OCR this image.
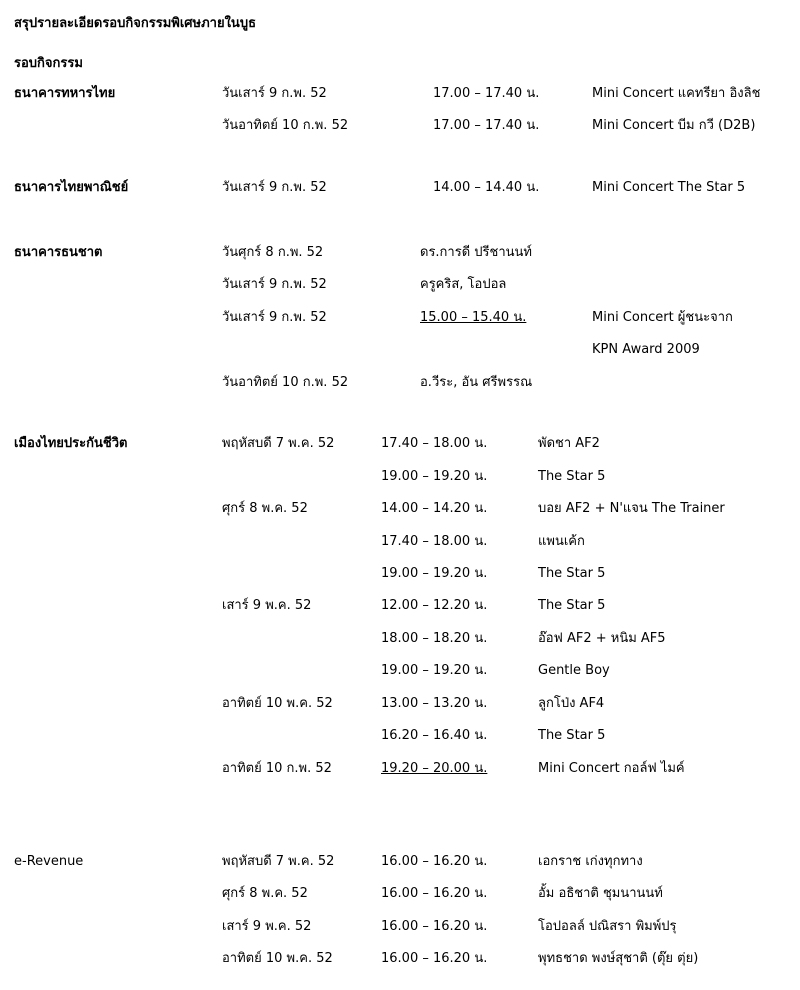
สรุปรายละเอียดรอบกิจกรรมพิเศษภายในบูธ
รอบกิจกรรม
ธนาคารทหารไทย	วันเสาร์ 9 ก.พ. 52	17.00 – 17.40 น.	Mini Concert แคทรียา อิงลิช
วันอาทิตย์ 10 ก.พ. 52	17.00 – 17.40 น.	Mini Concert บีม กวี (D2B)
ธนาคารไทยพาณิชย์	วันเสาร์ 9 ก.พ. 52	14.00 – 14.40 น.	Mini Concert The Star 5
ธนาคารธนชาต	วันศุกร์ 8 ก.พ. 52	ดร.การดี ปรีชานนท์
วันเสาร์ 9 ก.พ. 52	ครูคริส, โอปอล
วันเสาร์ 9 ก.พ. 52	15.00 – 15.40 น.	Mini Concert ผู้ชนะจาก
KPN Award 2009
วันอาทิตย์ 10 ก.พ. 52	อ.วีระ, อัน ศรีพรรณ
เมืองไทยประกันชีวิต	พฤหัสบดี 7 พ.ค. 52	17.40 – 18.00 น.	พัดชา AF2
19.00 – 19.20 น.	The Star 5
ศุกร์ 8 พ.ค. 52	14.00 – 14.20 น.	บอย AF2 + N'แจน The Trainer
17.40 – 18.00 น.	แพนเค้ก
19.00 – 19.20 น.	The Star 5
เสาร์ 9 พ.ค. 52	12.00 – 12.20 น.	The Star 5
18.00 – 18.20 น.	อ๊อฟ AF2 + หนิม AF5
19.00 – 19.20 น.	Gentle Boy
อาทิตย์ 10 พ.ค. 52	13.00 – 13.20 น.	ลูกโป่ง AF4
16.20 – 16.40 น.	The Star 5
อาทิตย์ 10 ก.พ. 52	19.20 – 20.00 น.	Mini Concert กอล์ฟ ไมค์
e-Revenue	พฤหัสบดี 7 พ.ค. 52	16.00 – 16.20 น.	เอกราช เก่งทุกทาง
ศุกร์ 8 พ.ค. 52	16.00 – 16.20 น.	อั้ม อธิชาติ ชุมนานนท์
เสาร์ 9 พ.ค. 52	16.00 – 16.20 น.	โอปอลล์ ปณิสรา พิมพ์ปรุ
อาทิตย์ 10 พ.ค. 52	16.00 – 16.20 น.	พุทธชาด พงษ์สุชาติ (ตุ๊ย ตุ่ย)
